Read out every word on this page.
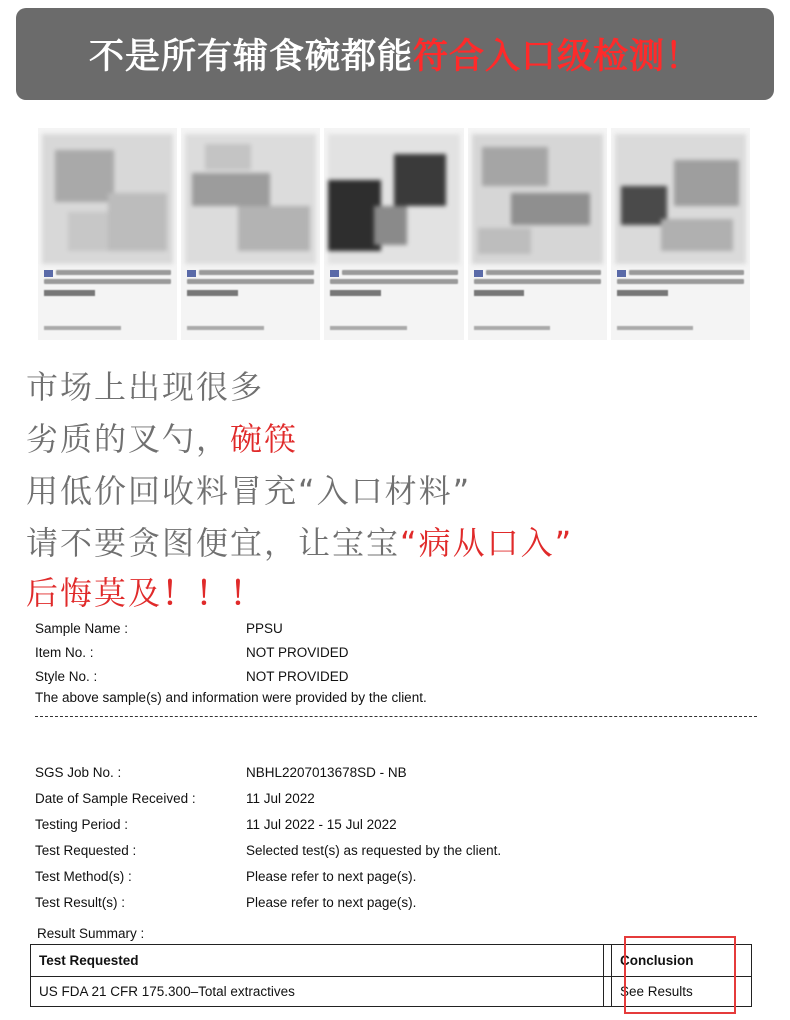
不是所有辅食碗都能 符合入口级检测！
市场上出现很多
劣质的叉勺，碗筷
用低价回收料冒充“入口材料”
请不要贪图便宜，让宝宝“病从口入”
后悔莫及！！！
Sample Name :	PPSU
Item No. :	NOT PROVIDED
Style No. :	NOT PROVIDED
The above sample(s) and information were provided by the client.
SGS Job No. :	NBHL2207013678SD - NB
Date of Sample Received :	11 Jul 2022
Testing Period :	11 Jul 2022 - 15 Jul 2022
Test Requested :	Selected test(s) as requested by the client.
Test Method(s) :	Please refer to next page(s).
Test Result(s) :	Please refer to next page(s).
Result Summary :
Test Requested		Conclusion
US FDA 21 CFR 175.300–Total extractives		See Results
